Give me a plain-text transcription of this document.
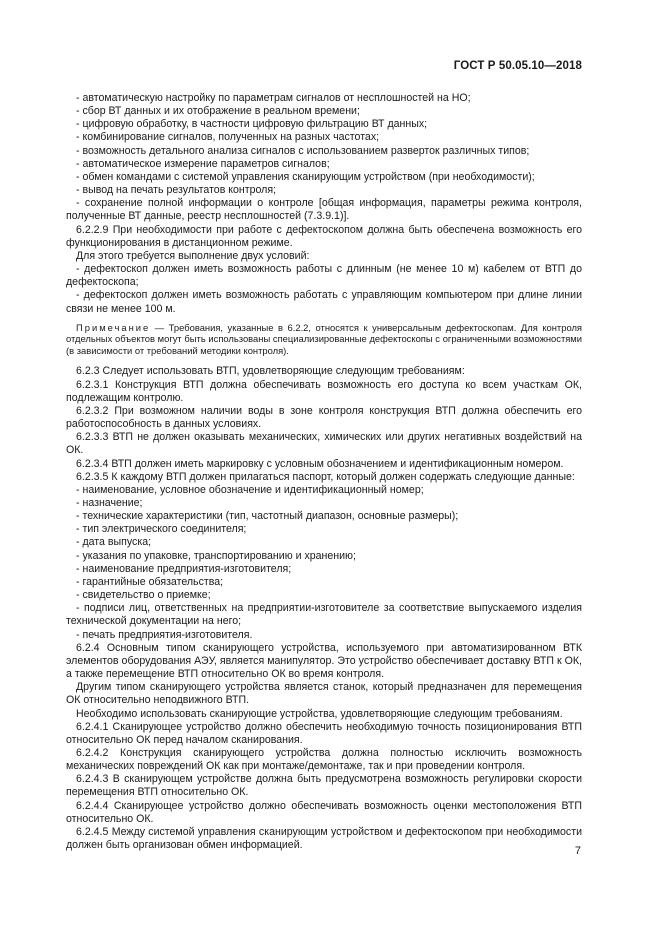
ГОСТ Р 50.05.10—2018

- автоматическую настройку по параметрам сигналов от несплошностей на НО;

- сбор ВТ данных и их отображение в реальном времени;

- цифровую обработку, в частности цифровую фильтрацию ВТ данных;

- комбинирование сигналов, полученных на разных частотах;

- возможность детального анализа сигналов с использованием разверток различных типов;

- автоматическое измерение параметров сигналов;

- обмен командами с системой управления сканирующим устройством (при необходимости);

- вывод на печать результатов контроля;

- сохранение полной информации о контроле [общая информация, параметры режима контроля, полученные ВТ данные, реестр несплошностей (7.3.9.1)].

6.2.2.9 При необходимости при работе с дефектоскопом должна быть обеспечена возможность его функционирования в дистанционном режиме.

Для этого требуется выполнение двух условий:

- дефектоскоп должен иметь возможность работы с длинным (не менее 10 м) кабелем от ВТП до дефектоскопа;

- дефектоскоп должен иметь возможность работать с управляющим компьютером при длине линии связи не менее 100 м.

Примечание — Требования, указанные в 6.2.2, относятся к универсальным дефектоскопам. Для контроля отдельных объектов могут быть использованы специализированные дефектоскопы с ограниченными возможностями (в зависимости от требований методики контроля).

6.2.3 Следует использовать ВТП, удовлетворяющие следующим требованиям:

6.2.3.1 Конструкция ВТП должна обеспечивать возможность его доступа ко всем участкам ОК, подлежащим контролю.

6.2.3.2 При возможном наличии воды в зоне контроля конструкция ВТП должна обеспечить его работоспособность в данных условиях.

6.2.3.3 ВТП не должен оказывать механических, химических или других негативных воздействий на ОК.

6.2.3.4 ВТП должен иметь маркировку с условным обозначением и идентификационным номером.

6.2.3.5 К каждому ВТП должен прилагаться паспорт, который должен содержать следующие данные:

- наименование, условное обозначение и идентификационный номер;

- назначение;

- технические характеристики (тип, частотный диапазон, основные размеры);

- тип электрического соединителя;

- дата выпуска;

- указания по упаковке, транспортированию и хранению;

- наименование предприятия-изготовителя;

- гарантийные обязательства;

- свидетельство о приемке;

- подписи лиц, ответственных на предприятии-изготовителе за соответствие выпускаемого изделия технической документации на него;

- печать предприятия-изготовителя.

6.2.4 Основным типом сканирующего устройства, используемого при автоматизированном ВТК элементов оборудования АЭУ, является манипулятор. Это устройство обеспечивает доставку ВТП к ОК, а также перемещение ВТП относительно ОК во время контроля.

Другим типом сканирующего устройства является станок, который предназначен для перемещения ОК относительно неподвижного ВТП.

Необходимо использовать сканирующие устройства, удовлетворяющие следующим требованиям.

6.2.4.1 Сканирующее устройство должно обеспечить необходимую точность позиционирования ВТП относительно ОК перед началом сканирования.

6.2.4.2 Конструкция сканирующего устройства должна полностью исключить возможность механических повреждений ОК как при монтаже/демонтаже, так и при проведении контроля.

6.2.4.3 В сканирующем устройстве должна быть предусмотрена возможность регулировки скорости перемещения ВТП относительно ОК.

6.2.4.4 Сканирующее устройство должно обеспечивать возможность оценки местоположения ВТП относительно ОК.

6.2.4.5 Между системой управления сканирующим устройством и дефектоскопом при необходимости должен быть организован обмен информацией.	7
